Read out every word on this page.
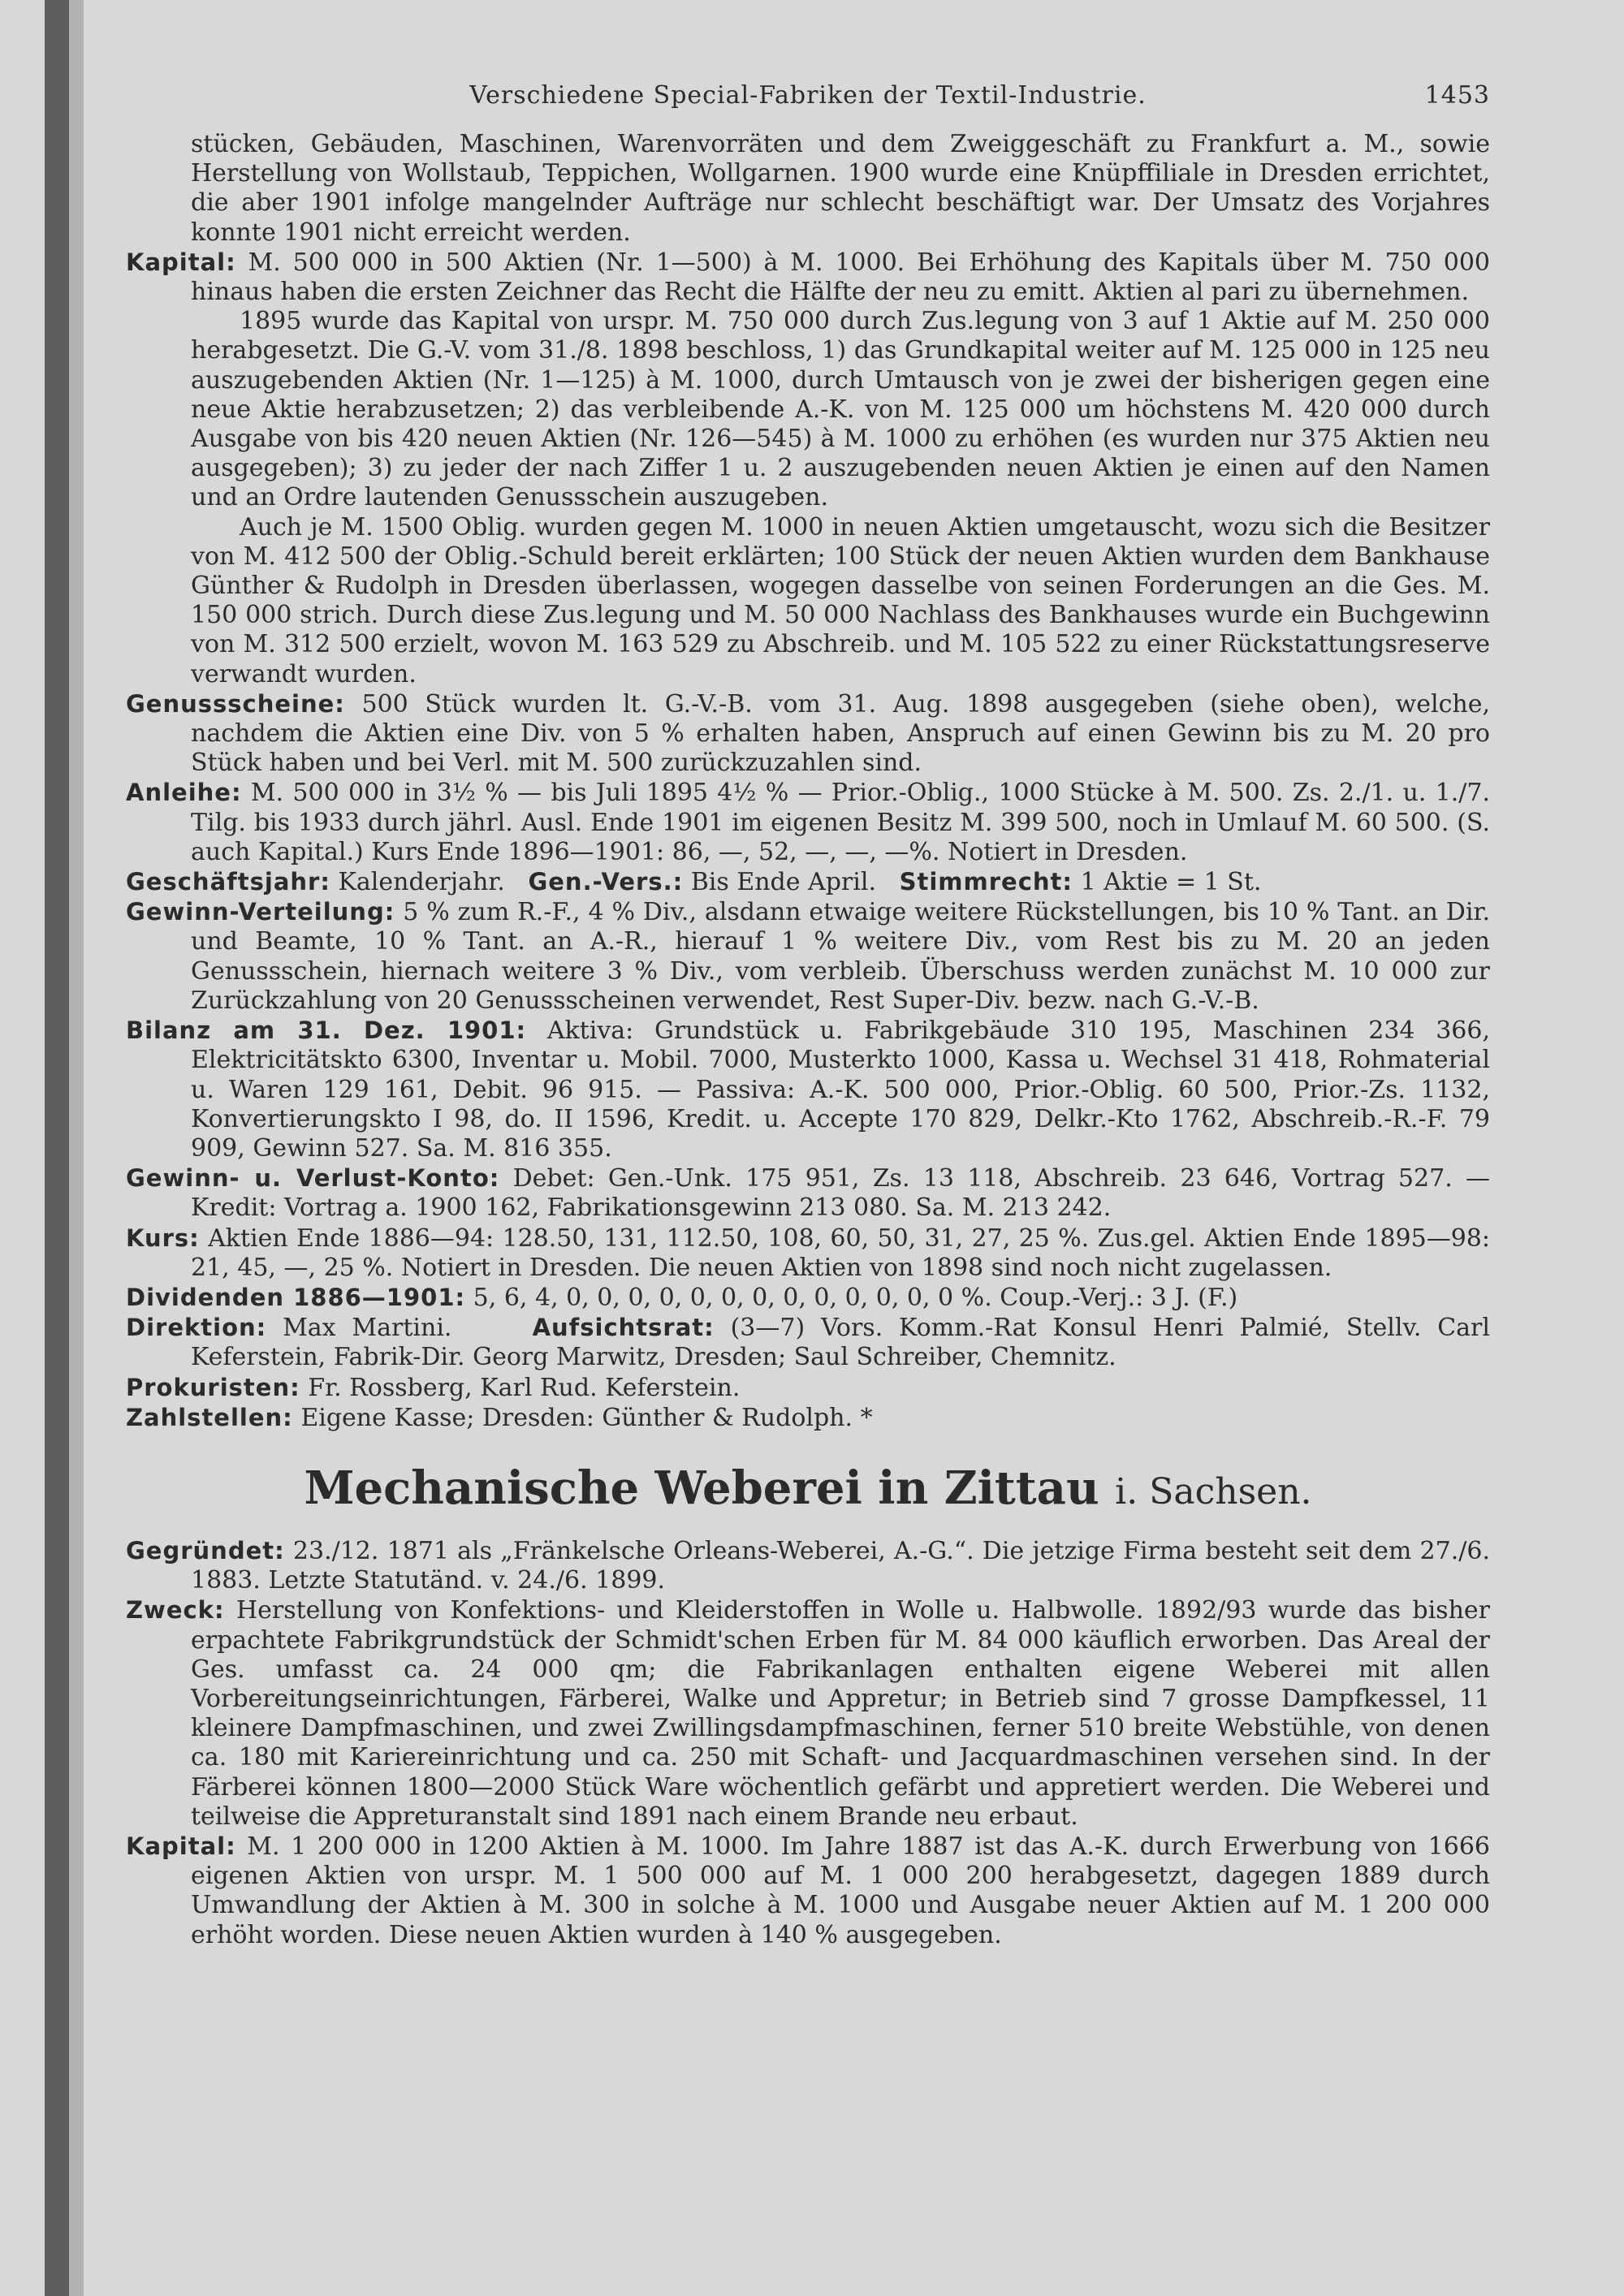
Verschiedene Special-Fabriken der Textil-Industrie.	1453

stücken, Gebäuden, Maschinen, Warenvorräten und dem Zweiggeschäft zu Frankfurt a. M., sowie Herstellung von Wollstaub, Teppichen, Wollgarnen. 1900 wurde eine Knüpffiliale in Dresden errichtet, die aber 1901 infolge mangelnder Aufträge nur schlecht beschäftigt war. Der Umsatz des Vorjahres konnte 1901 nicht erreicht werden.

Kapital: M. 500 000 in 500 Aktien (Nr. 1—500) à M. 1000. Bei Erhöhung des Kapitals über M. 750 000 hinaus haben die ersten Zeichner das Recht die Hälfte der neu zu emitt. Aktien al pari zu übernehmen.

1895 wurde das Kapital von urspr. M. 750 000 durch Zus.legung von 3 auf 1 Aktie auf M. 250 000 herabgesetzt. Die G.-V. vom 31./8. 1898 beschloss, 1) das Grundkapital weiter auf M. 125 000 in 125 neu auszugebenden Aktien (Nr. 1—125) à M. 1000, durch Umtausch von je zwei der bisherigen gegen eine neue Aktie herabzusetzen; 2) das verbleibende A.-K. von M. 125 000 um höchstens M. 420 000 durch Ausgabe von bis 420 neuen Aktien (Nr. 126—545) à M. 1000 zu erhöhen (es wurden nur 375 Aktien neu ausgegeben); 3) zu jeder der nach Ziffer 1 u. 2 auszugebenden neuen Aktien je einen auf den Namen und an Ordre lautenden Genussschein auszugeben.

Auch je M. 1500 Oblig. wurden gegen M. 1000 in neuen Aktien umgetauscht, wozu sich die Besitzer von M. 412 500 der Oblig.-Schuld bereit erklärten; 100 Stück der neuen Aktien wurden dem Bankhause Günther & Rudolph in Dresden überlassen, wogegen dasselbe von seinen Forderungen an die Ges. M. 150 000 strich. Durch diese Zus.legung und M. 50 000 Nachlass des Bankhauses wurde ein Buchgewinn von M. 312 500 erzielt, wovon M. 163 529 zu Abschreib. und M. 105 522 zu einer Rückstattungsreserve verwandt wurden.

Genussscheine: 500 Stück wurden lt. G.-V.-B. vom 31. Aug. 1898 ausgegeben (siehe oben), welche, nachdem die Aktien eine Div. von 5 % erhalten haben, Anspruch auf einen Gewinn bis zu M. 20 pro Stück haben und bei Verl. mit M. 500 zurückzuzahlen sind.

Anleihe: M. 500 000 in 3½ % — bis Juli 1895 4½ % — Prior.-Oblig., 1000 Stücke à M. 500. Zs. 2./1. u. 1./7. Tilg. bis 1933 durch jährl. Ausl. Ende 1901 im eigenen Besitz M. 399 500, noch in Umlauf M. 60 500. (S. auch Kapital.) Kurs Ende 1896—1901: 86, —, 52, —, —, —%. Notiert in Dresden.

Geschäftsjahr: Kalenderjahr. Gen.-Vers.: Bis Ende April. Stimmrecht: 1 Aktie = 1 St.

Gewinn-Verteilung: 5 % zum R.-F., 4 % Div., alsdann etwaige weitere Rückstellungen, bis 10 % Tant. an Dir. und Beamte, 10 % Tant. an A.-R., hierauf 1 % weitere Div., vom Rest bis zu M. 20 an jeden Genussschein, hiernach weitere 3 % Div., vom verbleib. Überschuss werden zunächst M. 10 000 zur Zurückzahlung von 20 Genussscheinen verwendet, Rest Super-Div. bezw. nach G.-V.-B.

Bilanz am 31. Dez. 1901: Aktiva: Grundstück u. Fabrikgebäude 310 195, Maschinen 234 366, Elektricitätskto 6300, Inventar u. Mobil. 7000, Musterkto 1000, Kassa u. Wechsel 31 418, Rohmaterial u. Waren 129 161, Debit. 96 915. — Passiva: A.-K. 500 000, Prior.-Oblig. 60 500, Prior.-Zs. 1132, Konvertierungskto I 98, do. II 1596, Kredit. u. Accepte 170 829, Delkr.-Kto 1762, Abschreib.-R.-F. 79 909, Gewinn 527. Sa. M. 816 355.

Gewinn- u. Verlust-Konto: Debet: Gen.-Unk. 175 951, Zs. 13 118, Abschreib. 23 646, Vortrag 527. — Kredit: Vortrag a. 1900 162, Fabrikationsgewinn 213 080. Sa. M. 213 242.

Kurs: Aktien Ende 1886—94: 128.50, 131, 112.50, 108, 60, 50, 31, 27, 25 %. Zus.gel. Aktien Ende 1895—98: 21, 45, —, 25 %. Notiert in Dresden. Die neuen Aktien von 1898 sind noch nicht zugelassen.

Dividenden 1886—1901: 5, 6, 4, 0, 0, 0, 0, 0, 0, 0, 0, 0, 0, 0, 0, 0 %. Coup.-Verj.: 3 J. (F.)

Direktion: Max Martini.	Aufsichtsrat: (3—7) Vors. Komm.-Rat Konsul Henri Palmié, Stellv. Carl Keferstein, Fabrik-Dir. Georg Marwitz, Dresden; Saul Schreiber, Chemnitz.

Prokuristen: Fr. Rossberg, Karl Rud. Keferstein.

Zahlstellen: Eigene Kasse; Dresden: Günther & Rudolph. *

Mechanische Weberei in Zittau i. Sachsen.

Gegründet: 23./12. 1871 als „Fränkelsche Orleans-Weberei, A.-G.“. Die jetzige Firma besteht seit dem 27./6. 1883. Letzte Statutänd. v. 24./6. 1899.

Zweck: Herstellung von Konfektions- und Kleiderstoffen in Wolle u. Halbwolle. 1892/93 wurde das bisher erpachtete Fabrikgrundstück der Schmidt'schen Erben für M. 84 000 käuflich erworben. Das Areal der Ges. umfasst ca. 24 000 qm; die Fabrikanlagen enthalten eigene Weberei mit allen Vorbereitungseinrichtungen, Färberei, Walke und Appretur; in Betrieb sind 7 grosse Dampfkessel, 11 kleinere Dampfmaschinen, und zwei Zwillingsdampfmaschinen, ferner 510 breite Webstühle, von denen ca. 180 mit Kariereinrichtung und ca. 250 mit Schaft- und Jacquardmaschinen versehen sind. In der Färberei können 1800—2000 Stück Ware wöchentlich gefärbt und appretiert werden. Die Weberei und teilweise die Appreturanstalt sind 1891 nach einem Brande neu erbaut.

Kapital: M. 1 200 000 in 1200 Aktien à M. 1000. Im Jahre 1887 ist das A.-K. durch Erwerbung von 1666 eigenen Aktien von urspr. M. 1 500 000 auf M. 1 000 200 herabgesetzt, dagegen 1889 durch Umwandlung der Aktien à M. 300 in solche à M. 1000 und Ausgabe neuer Aktien auf M. 1 200 000 erhöht worden. Diese neuen Aktien wurden à 140 % ausgegeben.
